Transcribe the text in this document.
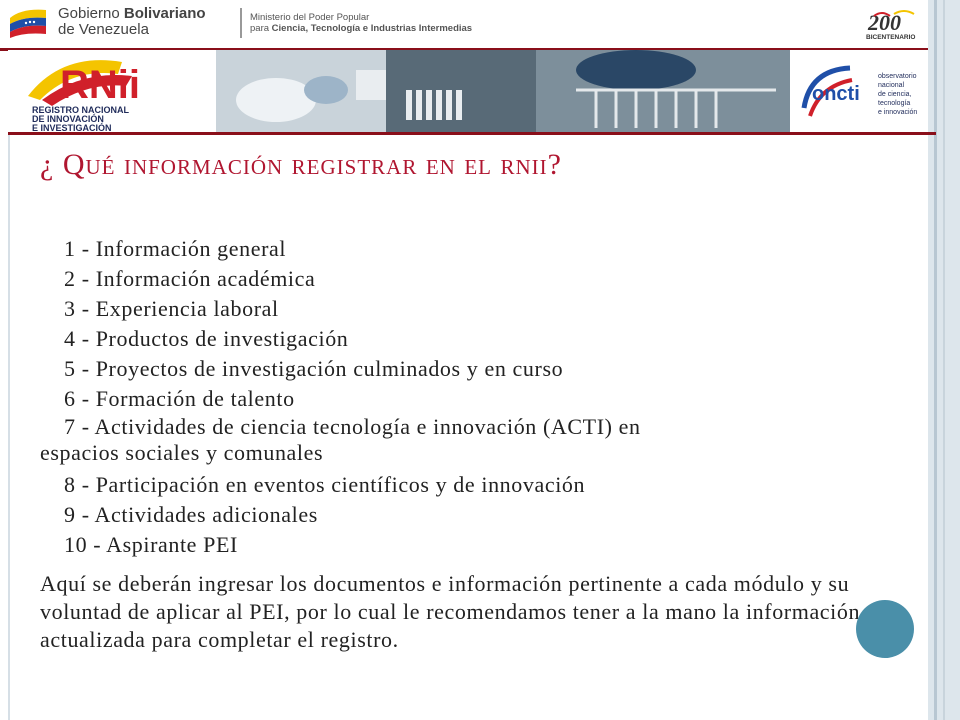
Gobierno Bolivariano
de Venezuela
Ministerio del Poder Popular
para Ciencia, Tecnología e Industrias Intermedias	200
BICENTENARIO
RNii
REGISTRO NACIONAL
DE INNOVACIÓN
E INVESTIGACIÓN
oncti
observatorio
nacional
de ciencia,
tecnología
e innovación
¿ Qué información registrar en el rnii?
1 - Información general
2 - Información académica
3 - Experiencia laboral
4 - Productos de investigación
5 - Proyectos de investigación culminados y en curso
6 - Formación de talento
7 - Actividades de ciencia tecnología e innovación (ACTI) en
espacios sociales y comunales
8 - Participación en eventos científicos y de innovación
9 - Actividades adicionales
10 - Aspirante PEI
Aquí se deberán ingresar los documentos e información pertinente a cada módulo y su voluntad de aplicar al PEI, por lo cual le recomendamos tener a la mano la información actualizada para completar el registro.
